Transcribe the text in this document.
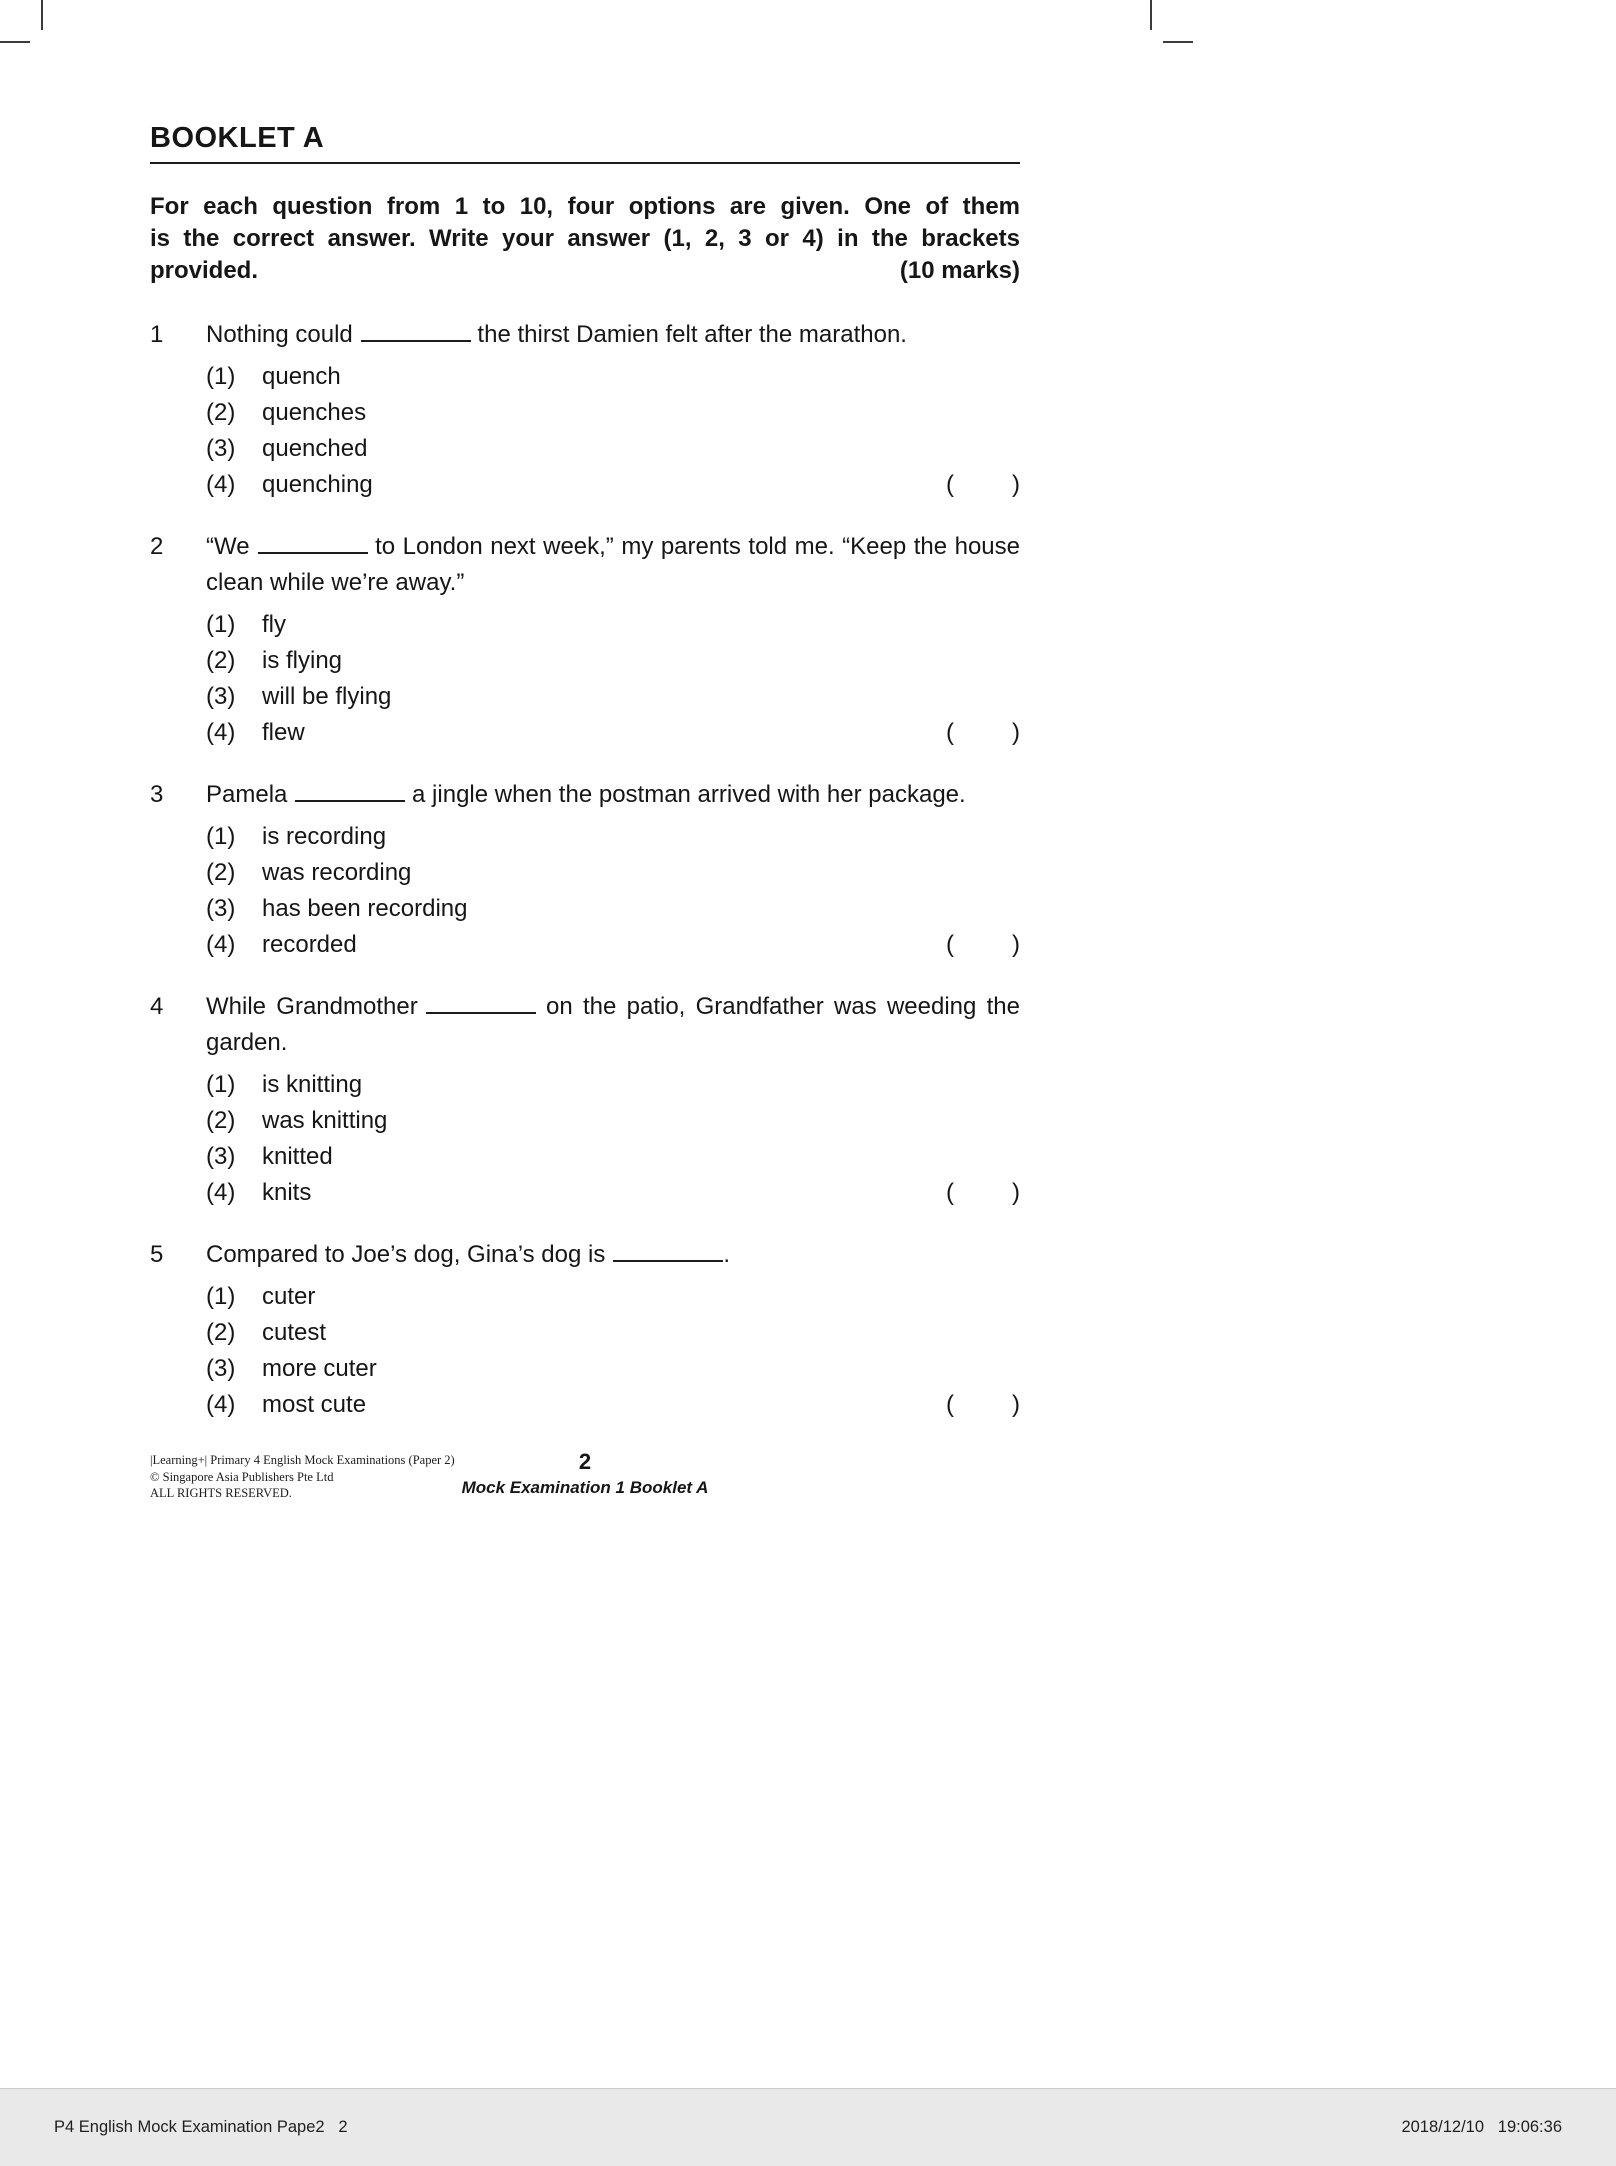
BOOKLET A
For each question from 1 to 10, four options are given. One of them
is the correct answer. Write your answer (1, 2, 3 or 4) in the brackets
provided.	(10 marks)
1	Nothing could	the thirst Damien felt after the marathon.
(1)	quench
(2)	quenches
(3)	quenched
(4)	quenching	( )
2	“We	to London next week,” my parents told me. “Keep the house clean while we’re away.”
(1)	fly
(2)	is flying
(3)	will be flying
(4)	flew	( )
3	Pamela	a jingle when the postman arrived with her package.
(1)	is recording
(2)	was recording
(3)	has been recording
(4)	recorded	( )
4	While Grandmother	on the patio, Grandfather was weeding the garden.
(1)	is knitting
(2)	was knitting
(3)	knitted
(4)	knits	( )
5	Compared to Joe’s dog, Gina’s dog is	.
(1)	cuter
(2)	cutest
(3)	more cuter
(4)	most cute	( )
|Learning+| Primary 4 English Mock Examinations (Paper 2)
© Singapore Asia Publishers Pte Ltd
ALL RIGHTS RESERVED.
2
Mock Examination 1 Booklet A
P4 English Mock Examination Pape2   2	2018/12/10   19:06:36
